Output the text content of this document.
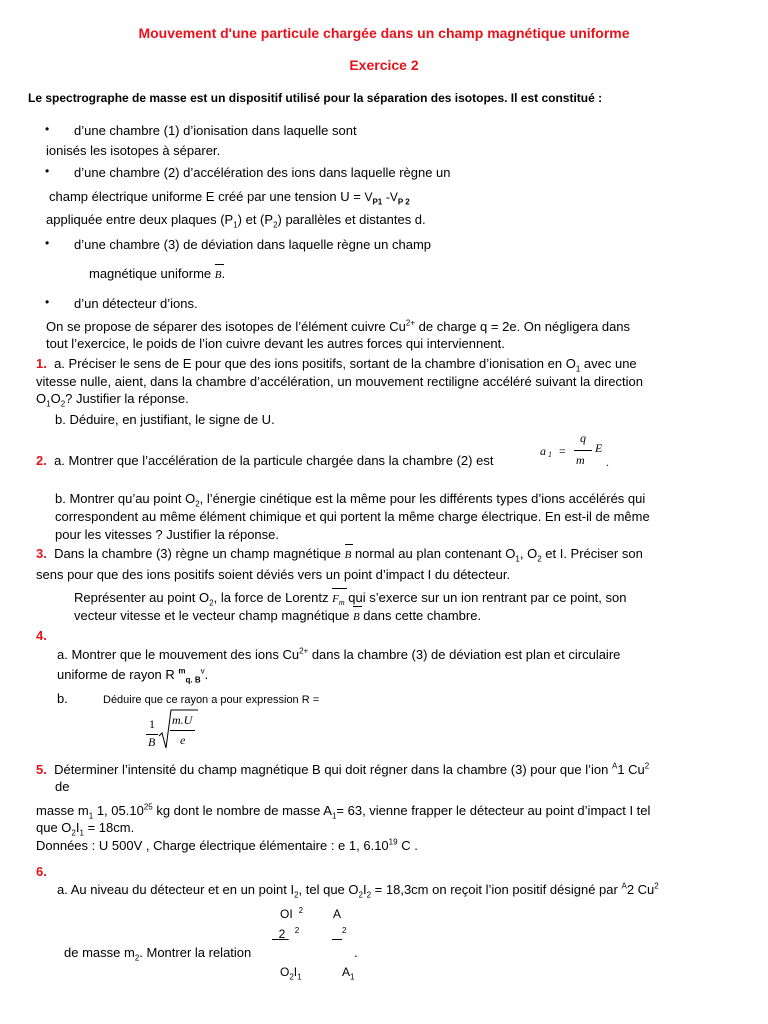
Mouvement d'une particule chargée dans un champ magnétique uniforme
Exercice 2
Le spectrographe de masse est un dispositif utilisé pour la séparation des isotopes. Il est constitué :
• d’une chambre (1) d’ionisation dans laquelle sont
ionisés les isotopes à séparer.
• d’une chambre (2) d’accélération des ions dans laquelle règne un
champ électrique uniforme E créé par une tension $U = V_{P1}$ $-V_{P 2}$
appliquée entre deux plaques $(P_1)$ et $(P_2)$ parallèles et distantes d.
• d’une chambre (3) de déviation dans laquelle règne un champ
magnétique uniforme B.
• d’un détecteur d’ions.
On se propose de séparer des isotopes de l’élément cuivre $Cu^{2+}$ de charge q = 2e. On négligera dans
tout l’exercice, le poids de l’ion cuivre devant les autres forces qui interviennent.
1. a. Préciser le sens de E pour que des ions positifs, sortant de la chambre d’ionisation en $O_1$ avec une
vitesse nulle, aient, dans la chambre d’accélération, un mouvement rectiligne accéléré suivant la direction
$O_1O_2$? Justifier la réponse.
b. Déduire, en justifiant, le signe de U.
2. a. Montrer que l’accélération de la particule chargée dans la chambre (2) est
a 1 =
q
m
E
.
b. Montrer qu’au point $O_2$, l’énergie cinétique est la même pour les différents types d’ions accélérés qui
correspondent au même élément chimique et qui portent la même charge électrique. En est-il de même
pour les vitesses ? Justifier la réponse.
3. Dans la chambre (3) règne un champ magnétique B normal au plan contenant $O_1$, $O_2$ et I. Préciser son
sens pour que des ions positifs soient déviés vers un point d’impact I du détecteur.
Représenter au point $O_2$, la force de Lorentz $F_m$ qui s’exerce sur un ion rentrant par ce point, son
vecteur vitesse et le vecteur champ magnétique B dans cette chambre.
4.
a. Montrer que le mouvement des ions $Cu^{2+}$ dans la chambre (3) de déviation est plan et circulaire
uniforme de rayon R $^m_{q. B}^v$.
b.	Déduire que ce rayon a pour expression R =
1
B
m.U
e
5. Déterminer l’intensité du champ magnétique B qui doit régner dans la chambre (3) pour que l’ion $^A$1 Cu$^2$
de
masse $m_1$ 1, 05.10$^{25}$ kg dont le nombre de masse $A_1= 63$, vienne frapper le détecteur au point d’impact I tel
que $O_2I_1 = 18cm$.
Données : U 500V , Charge électrique élémentaire : e 1, 6.10$^{19}$ C .
6.
a. Au niveau du détecteur et en un point $I_2$, tel que $O_2I_2 = 18,3cm$ on reçoit l’ion positif désigné par $^A$2 Cu$^2$
OI $^2$ A
2 $^2$	$^2$
de masse $m_2$. Montrer la relation	.
$O_2I_1$	$A_1$
